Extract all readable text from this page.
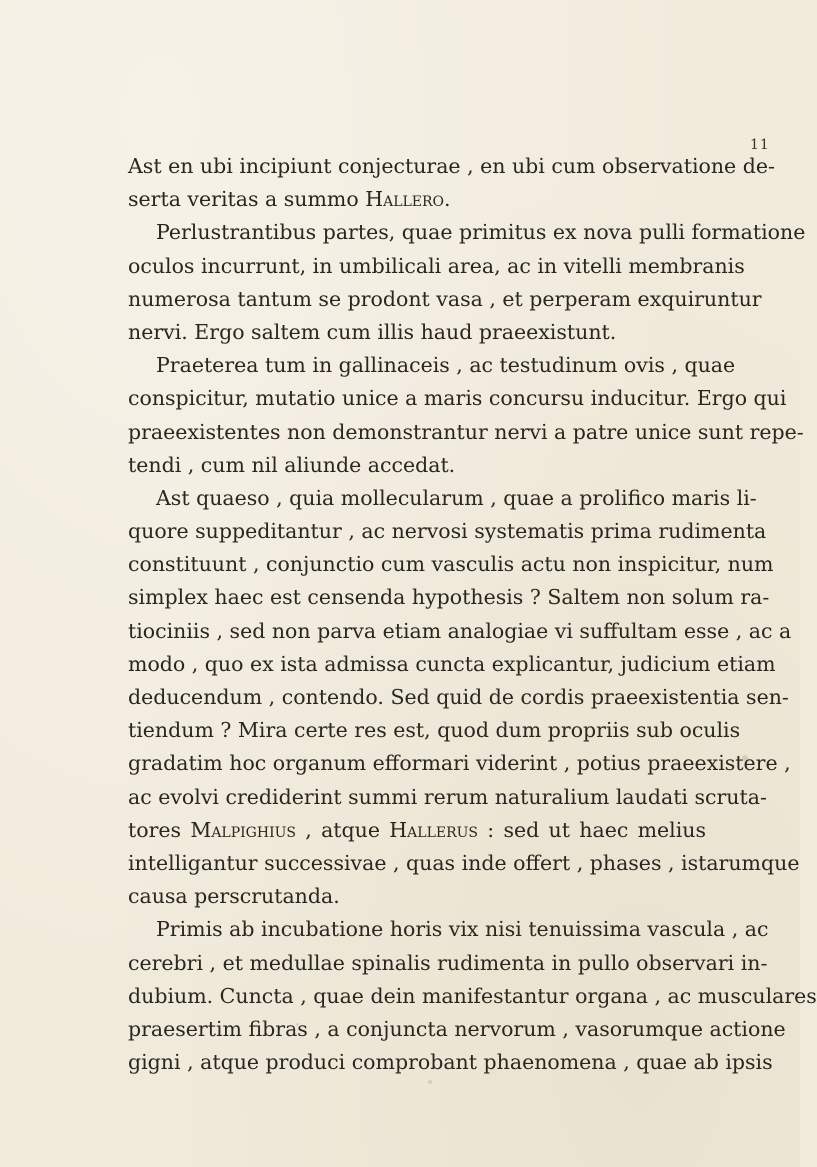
11
Ast en ubi incipiunt conjecturae , en ubi cum observatione de-
serta veritas a summo Hallero.
Perlustrantibus partes, quae primitus ex nova pulli formatione
oculos incurrunt, in umbilicali area, ac in vitelli membranis
numerosa tantum se prodont vasa , et perperam exquiruntur
nervi. Ergo saltem cum illis haud praeexistunt.
Praeterea tum in gallinaceis , ac testudinum ovis , quae
conspicitur, mutatio unice a maris concursu inducitur. Ergo qui
praeexistentes non demonstrantur nervi a patre unice sunt repe-
tendi , cum nil aliunde accedat.
Ast quaeso , quia mollecularum , quae a prolifico maris li-
quore suppeditantur , ac nervosi systematis prima rudimenta
constituunt , conjunctio cum vasculis actu non inspicitur, num
simplex haec est censenda hypothesis ? Saltem non solum ra-
tiociniis , sed non parva etiam analogiae vi suffultam esse , ac a
modo , quo ex ista admissa cuncta explicantur, judicium etiam
deducendum , contendo. Sed quid de cordis praeexistentia sen-
tiendum ? Mira certe res est, quod dum propriis sub oculis
gradatim hoc organum efformari viderint , potius praeexistere ,
ac evolvi crediderint summi rerum naturalium laudati scruta-
tores Malpighius , atque Hallerus : sed ut haec melius
intelligantur successivae , quas inde offert , phases , istarumque
causa perscrutanda.
Primis ab incubatione horis vix nisi tenuissima vascula , ac
cerebri , et medullae spinalis rudimenta in pullo observari in-
dubium. Cuncta , quae dein manifestantur organa , ac musculares
praesertim fibras , a conjuncta nervorum , vasorumque actione
gigni , atque produci comprobant phaenomena , quae ab ipsis
